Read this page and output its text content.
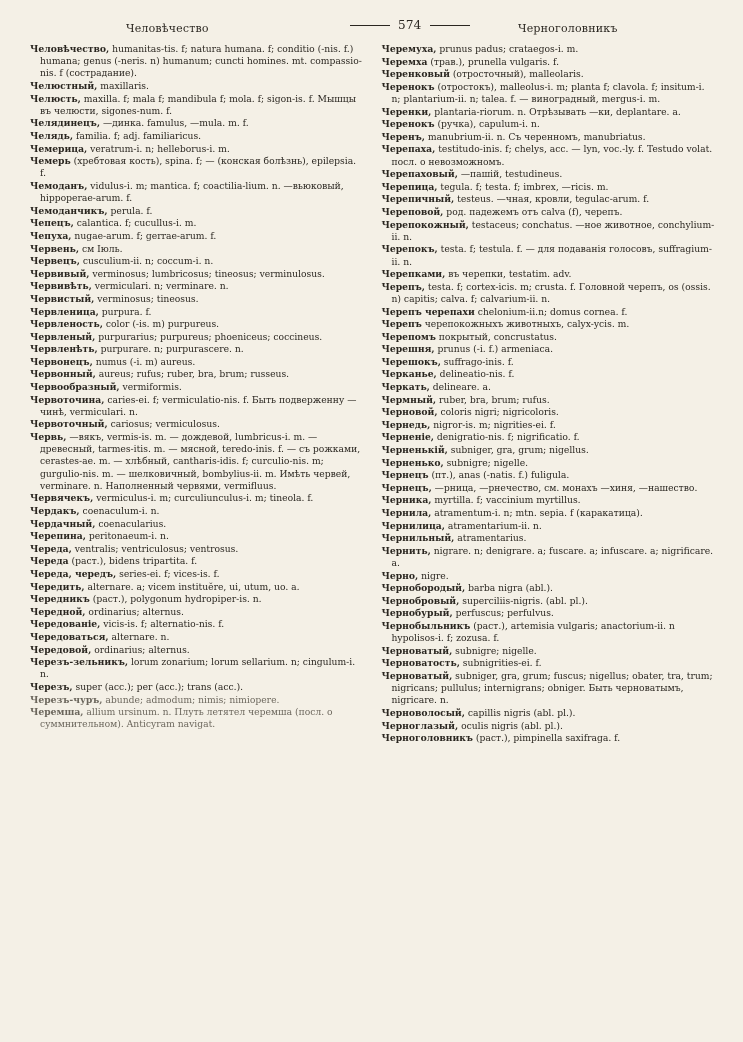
Человѣчество	574	Черноголовникъ
Человѣчество, humanitas-tis. f; natura humana. f; conditio (-nis. f.) humana; genus (-neris. n) humanum; cuncti homines. mt. compassio-nis. f (сострадание).
Челюстный, maxillaris.
Челюсть, maxilla. f; mala f; mandibula f; mola. f; sigon-is. f. Мышцы въ челюсти, sigones-num. f.
Челядинецъ, —динка. famulus, —mula. m. f.
Челядь, familia. f; adj. familiaricus.
Чемерица, veratrum-i. n; helleborus-i. m.
Чемерь (хребтовая кость), spina. f; — (конская болѣзнь), epilepsia. f.
Чемоданъ, vidulus-i. m; mantica. f; coactilia-lium. n. —вьюковый, hippoperae-arum. f.
Чемоданчикъ, perula. f.
Чепецъ, calantica. f; cucullus-i. m.
Чепуха, nugae-arum. f; gerrae-arum. f.
Червень, см Іюль.
Червецъ, cusculium-ii. n; coccum-i. n.
Червивый, verminosus; lumbricosus; tineosus; verminulosus.
Червивѣть, vermiculari. n; verminare. n.
Червистый, verminosus; tineosus.
Червленица, purpura. f.
Червленость, color (-is. m) purpureus.
Червленый, purpurarius; purpureus; phoeniceus; coccineus.
Червленѣть, purpurare. n; purpurascere. n.
Червонецъ, numus (-i. m) aureus.
Червонный, aureus; rufus; ruber, bra, brum; russeus.
Червообразный, vermiformis.
Червоточина, caries-ei. f; vermiculatio-nis. f. Быть подверженну —чинѣ, vermiculari. n.
Червоточный, cariosus; vermiculosus.
Червь, —вякъ, vermis-is. m. — дождевой, lumbricus-i. m. — древесный, tarmes-itis. m. — мясной, teredo-inis. f. — съ рожками, cerastes-ae. m. — хлѣбный, cantharis-idis. f; curculio-nis. m; gurgulio-nis. m. — шелковичный, bombylius-ii. m. Имѣть червей, verminare. n. Наполненный червями, vermifluus.
Червячекъ, vermiculus-i. m; curculiunculus-i. m; tineola. f.
Чердакъ, coenaculum-i. n.
Чердачный, coenacularius.
Черепина, peritonaeum-i. n.
Череда, ventralis; ventriculosus; ventrosus.
Череда (раст.), bidens tripartita. f.
Череда, чередъ, series-ei. f; vices-is. f.
Чередить, alternare. a; vicem instituĕre, ui, utum, uo. a.
Чередникъ (раст.), polygonum hydropiper-is. n.
Чередной, ordinarius; alternus.
Чередованіе, vicis-is. f; alternatio-nis. f.
Чередоваться, alternare. n.
Чередовой, ordinarius; alternus.
Черезъ-зельникъ, lorum zonarium; lorum sellarium. n; cingulum-i. n.
Черезъ, super (acc.); per (acc.); trans (acc.).
Черезъ-чуръ, abunde; admodum; nimis; nimiopere.
Черемша, allium ursinum. n. Плуть летятел черемша (посл. о суммнительном). Anticyram navigat.
Черемуха, prunus padus; crataegos-i. m.
Черемха (трав.), prunella vulgaris. f.
Черенковый (отросточный), malleolaris.
Черенокъ (отростокъ), malleolus-i. m; planta f; clavola. f; insitum-i. n; plantarium-ii. n; talea. f. — виноградный, mergus-i. m.
Черенки, plantaria-riorum. n. Отрѣзывать —ки, deplantare. a.
Черенокъ (ручка), capulum-i. n.
Черенъ, manubrium-ii. n. Съ черенномъ, manubriatus.
Черепаха, testitudo-inis. f; chelys, acc. — lyn, voc.-ly. f. Testudo volat. посл. о невозможномъ.
Черепаховый, —пашій, testudineus.
Черепица, tegula. f; testa. f; imbrex, —ricis. m.
Черепичный, testeus. —чная, кровли, tegulac-arum. f.
Череповой, род. падежемъ отъ calva (f), черепъ.
Черепокожный, testaceus; conchatus. —ное животное, conchylium-ii. n.
Черепокъ, testa. f; testula. f. — для подаванія голосовъ, suffragium-ii. n.
Черепками, въ черепки, testatim. adv.
Черепъ, testa. f; cortex-icis. m; crusta. f. Головной черепъ, os (ossis. n) capitis; calva. f; calvarium-ii. n.
Черепъ черепахи chelonium-ii.n; domus cornea. f.
Черепъ черепокожныхъ животныхъ, calyx-ycis. m.
Черепомъ покрытый, concrustatus.
Черешня, prunus (-i. f.) armeniaca.
Черешокъ, suffrago-inis. f.
Черканье, delineatio-nis. f.
Черкать, delineare. a.
Чермный, ruber, bra, brum; rufus.
Черновой, coloris nigri; nigricoloris.
Чернедь, nigror-is. m; nigrities-ei. f.
Черненіе, denigratio-nis. f; nigrificatio. f.
Черненькій, subniger, gra, grum; nigellus.
Черненько, subnigre; nigelle.
Чернецъ (пт.), anas (-natis. f.) fuligula.
Чернецъ, —рница, —рнечество, см. монахъ —хиня, —нашество.
Черника, myrtilla. f; vaccinium myrtillus.
Чернила, atramentum-i. n; mtn. sepia. f (каракатица).
Чернилица, atramentarium-ii. n.
Чернильный, atramentarius.
Чернить, nigrare. n; denigrare. a; fuscare. a; infuscare. a; nigrificare. a.
Черно, nigre.
Чернобородый, barba nigra (abl.).
Чернобровый, superciliis-nigris. (abl. pl.).
Чернобурый, perfuscus; perfulvus.
Чернобыльникъ (раст.), artemisia vulgaris; anactorium-ii. n hypolisos-i. f; zozusa. f.
Черноватый, subnigre; nigelle.
Черноватость, subnigrities-ei. f.
Черноватый, subniger, gra, grum; fuscus; nigellus; obater, tra, trum; nigricans; pullulus; internigrans; obniger. Быть черноватымъ, nigricare. n.
Черноволосый, capillis nigris (abl. pl.).
Черноглазый, oculis nigris (abl. pl.).
Черноголовникъ (раст.), pimpinella saxifraga. f.
